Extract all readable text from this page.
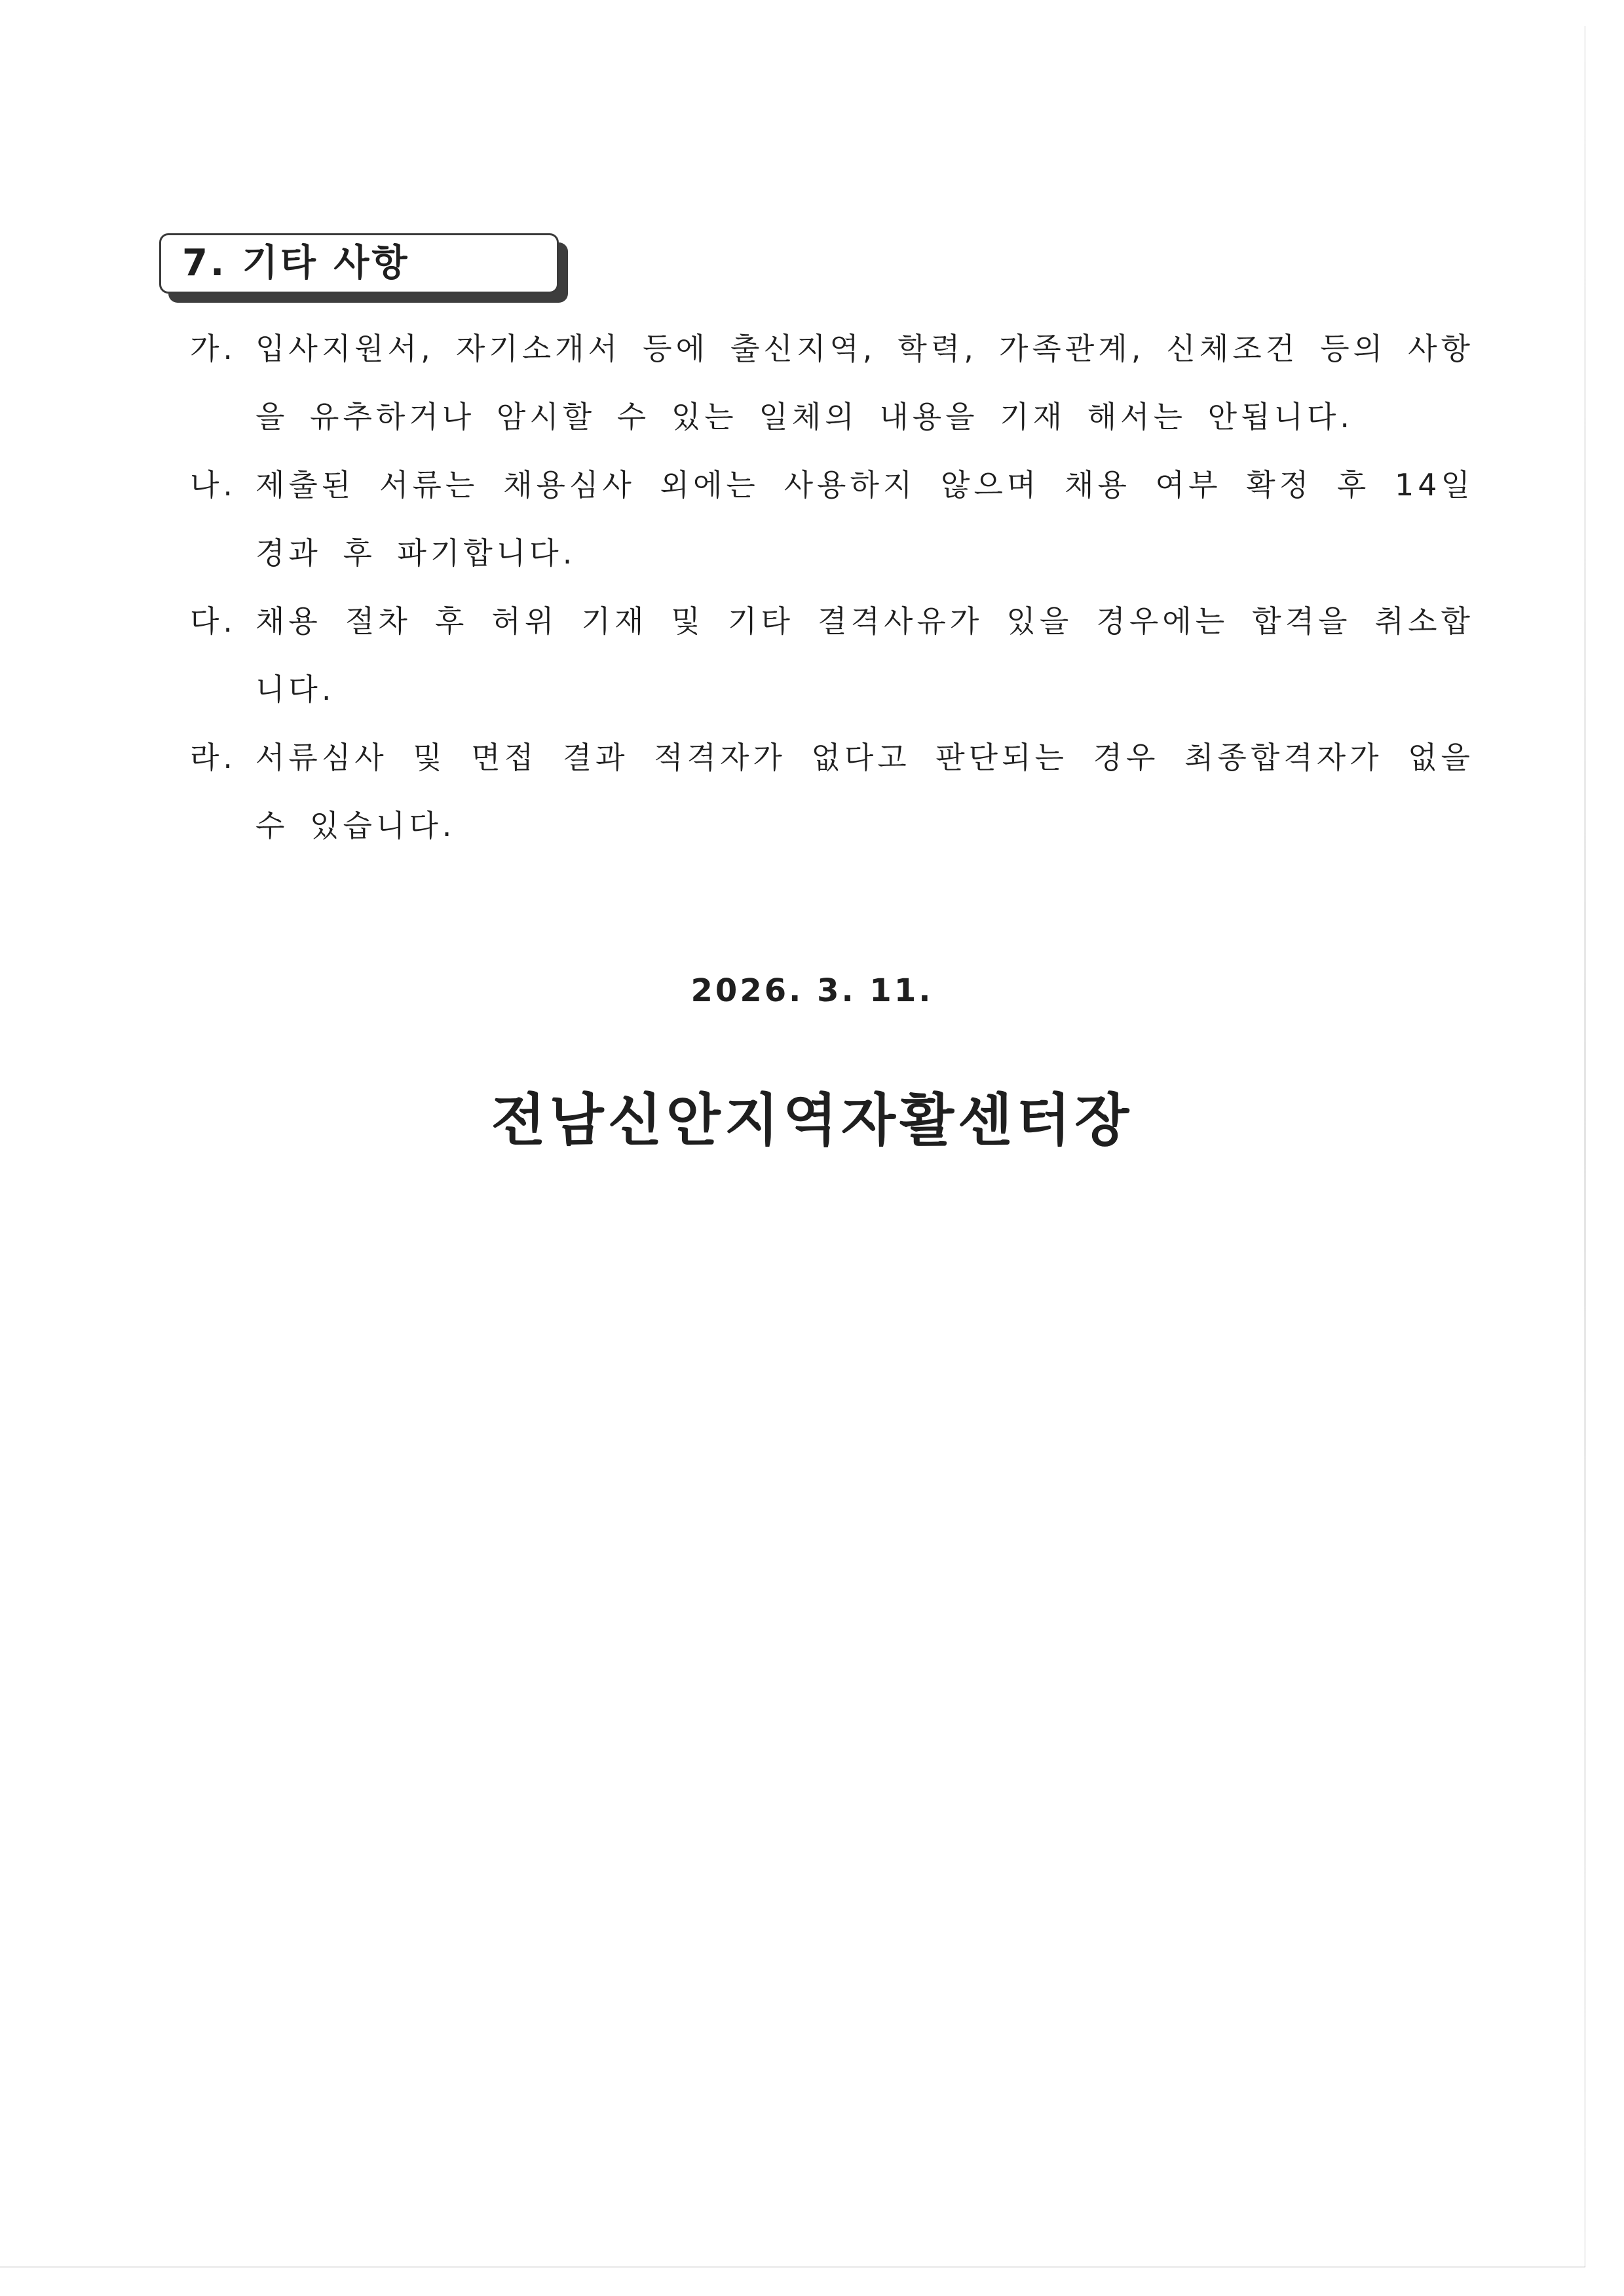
7. 기타 사항
가. 입사지원서, 자기소개서 등에 출신지역, 학력, 가족관계, 신체조건 등의 사항을 유추하거나 암시할 수 있는 일체의 내용을 기재 해서는 안됩니다.
나. 제출된 서류는 채용심사 외에는 사용하지 않으며 채용 여부 확정 후 14일 경과 후 파기합니다.
다. 채용 절차 후 허위 기재 및 기타 결격사유가 있을 경우에는 합격을 취소합니다.
라. 서류심사 및 면접 결과 적격자가 없다고 판단되는 경우 최종합격자가 없을 수 있습니다.
2026. 3. 11.
전남신안지역자활센터장
